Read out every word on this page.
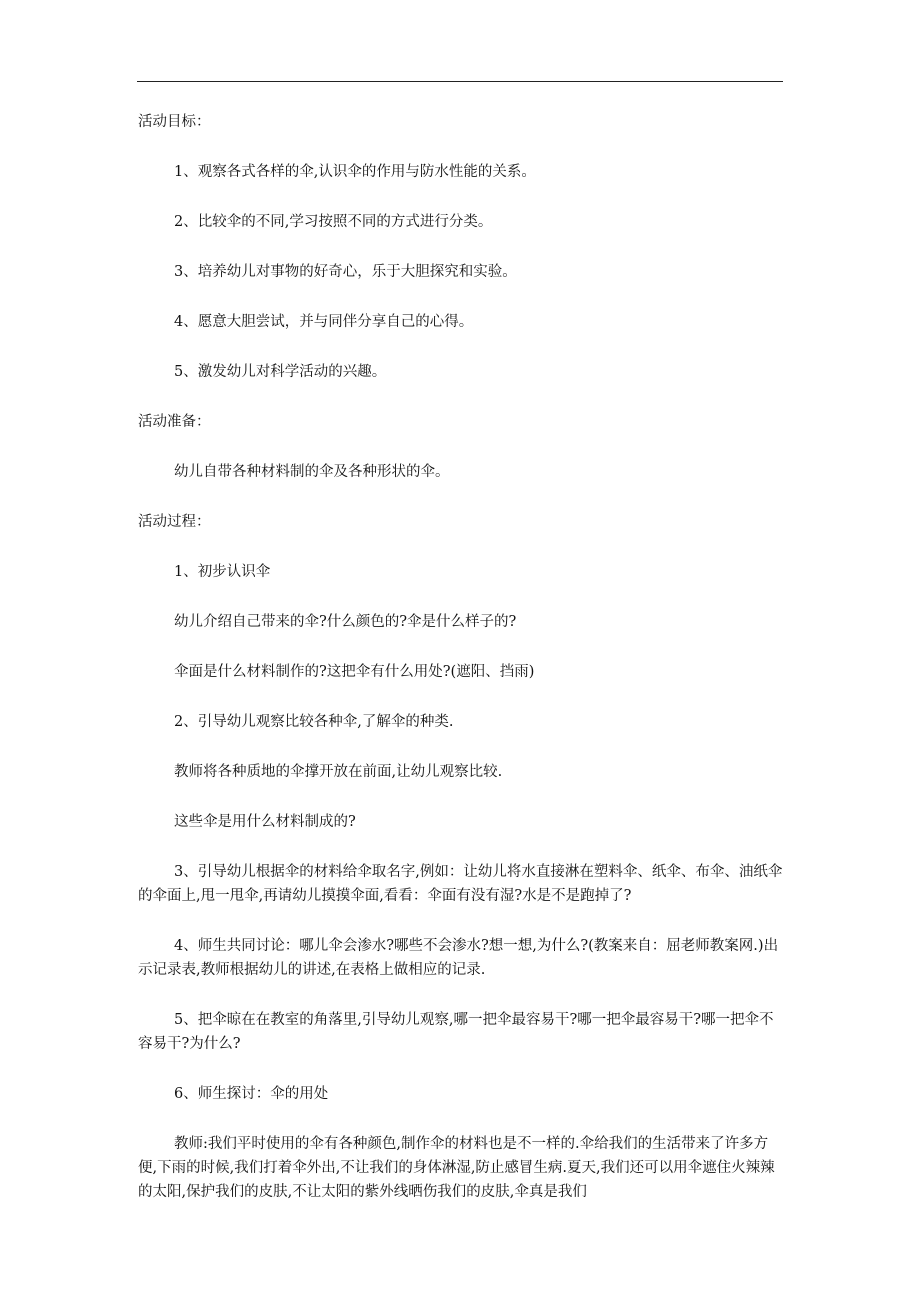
活动目标：

1、观察各式各样的伞,认识伞的作用与防水性能的关系。

2、比较伞的不同,学习按照不同的方式进行分类。

3、培养幼儿对事物的好奇心，乐于大胆探究和实验。

4、愿意大胆尝试，并与同伴分享自己的心得。

5、激发幼儿对科学活动的兴趣。

活动准备：

幼儿自带各种材料制的伞及各种形状的伞。

活动过程：

1、初步认识伞

幼儿介绍自己带来的伞?什么颜色的?伞是什么样子的?

伞面是什么材料制作的?这把伞有什么用处?(遮阳、挡雨)

2、引导幼儿观察比较各种伞,了解伞的种类.

教师将各种质地的伞撑开放在前面,让幼儿观察比较.

这些伞是用什么材料制成的?

3、引导幼儿根据伞的材料给伞取名字,例如：让幼儿将水直接淋在塑料伞、纸伞、布伞、油纸伞的伞面上,甩一甩伞,再请幼儿摸摸伞面,看看：伞面有没有湿?水是不是跑掉了?

4、师生共同讨论：哪儿伞会渗水?哪些不会渗水?想一想,为什么?(教案来自：屈老师教案网.)出示记录表,教师根据幼儿的讲述,在表格上做相应的记录.

5、把伞晾在在教室的角落里,引导幼儿观察,哪一把伞最容易干?哪一把伞最容易干?哪一把伞不容易干?为什么?

6、师生探讨：伞的用处

教师:我们平时使用的伞有各种颜色,制作伞的材料也是不一样的.伞给我们的生活带来了许多方便,下雨的时候,我们打着伞外出,不让我们的身体淋湿,防止感冒生病.夏天,我们还可以用伞遮住火辣辣的太阳,保护我们的皮肤,不让太阳的紫外线晒伤我们的皮肤,伞真是我们
